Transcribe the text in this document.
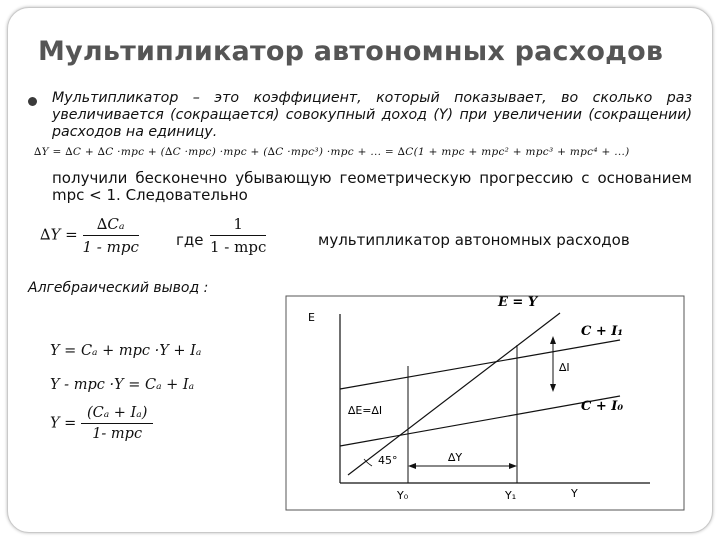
Мультипликатор автономных расходов
Мультипликатор – это коэффициент, который показывает, во сколько раз увеличивается (сокращается) совокупный доход (Y) при увеличении (сокращении) расходов на единицу.
∆Y = ∆C + ∆C ·mpc + (∆C ·mpc) ·mpc + (∆C ·mpc³) ·mpc + ... = ∆C(1 + mpc + mpc² + mpc³ + mpc⁴ + ...)
получили бесконечно убывающую геометрическую прогрессию с основанием mpc < 1. Следовательно
$\Delta Y = \frac{\text{∆Cₐ}}{\text{1 - mpc}}$ где $\frac{1}{\text{1 - mpc}}$	мультипликатор автономных расходов
Алгебраический вывод :
Y = Cₐ + mpc ·Y + Iₐ
Y - mpc ·Y = Cₐ + Iₐ
$Y = \frac{\text{(Cₐ + Iₐ)}}{\text{1- mpc}}$
E
Y
E = Y
C + I₁
C + I₀
∆I
∆E=∆I
45°	∆Y
Y₀	Y₁
